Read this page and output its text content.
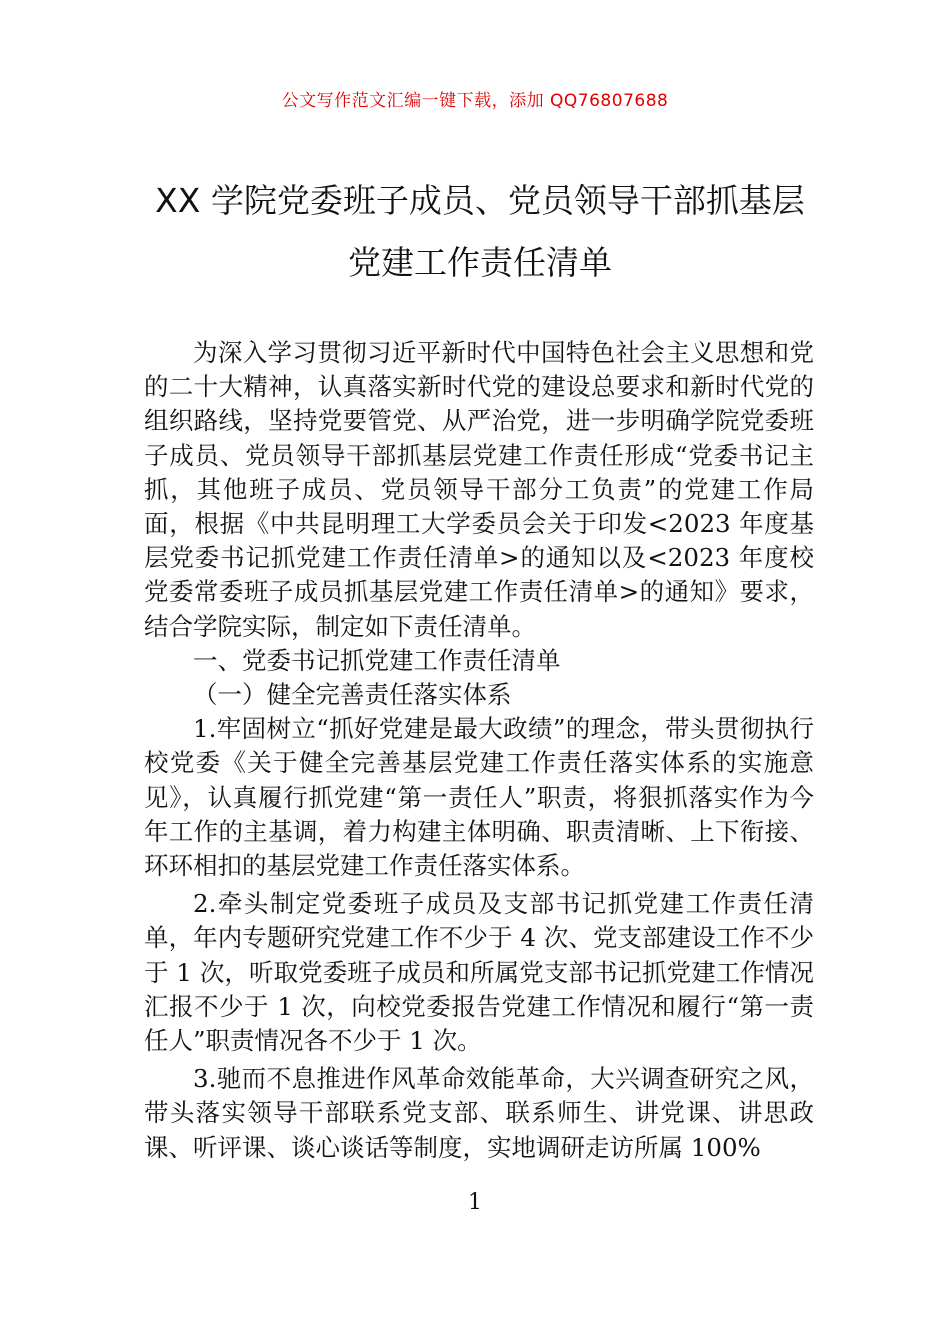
公文写作范文汇编一键下载，添加 QQ76807688
XX 学院党委班子成员、党员领导干部抓基层党建工作责任清单

为深入学习贯彻习近平新时代中国特色社会主义思想和党的二十大精神，认真落实新时代党的建设总要求和新时代党的组织路线，坚持党要管党、从严治党，进一步明确学院党委班子成员、党员领导干部抓基层党建工作责任形成“党委书记主抓，其他班子成员、党员领导干部分工负责”的党建工作局面，根据《中共昆明理工大学委员会关于印发<2023 年度基层党委书记抓党建工作责任清单>的通知以及<2023 年度校党委常委班子成员抓基层党建工作责任清单>的通知》要求，结合学院实际，制定如下责任清单。

一、党委书记抓党建工作责任清单

（一）健全完善责任落实体系

1.牢固树立“抓好党建是最大政绩”的理念，带头贯彻执行校党委《关于健全完善基层党建工作责任落实体系的实施意见》，认真履行抓党建“第一责任人”职责，将狠抓落实作为今年工作的主基调，着力构建主体明确、职责清晰、上下衔接、环环相扣的基层党建工作责任落实体系。

2.牵头制定党委班子成员及支部书记抓党建工作责任清单，年内专题研究党建工作不少于 4 次、党支部建设工作不少于 1 次，听取党委班子成员和所属党支部书记抓党建工作情况汇报不少于 1 次，向校党委报告党建工作情况和履行“第一责任人”职责情况各不少于 1 次。

3.驰而不息推进作风革命效能革命，大兴调查研究之风，带头落实领导干部联系党支部、联系师生、讲党课、讲思政课、听评课、谈心谈话等制度，实地调研走访所属 100%

1
